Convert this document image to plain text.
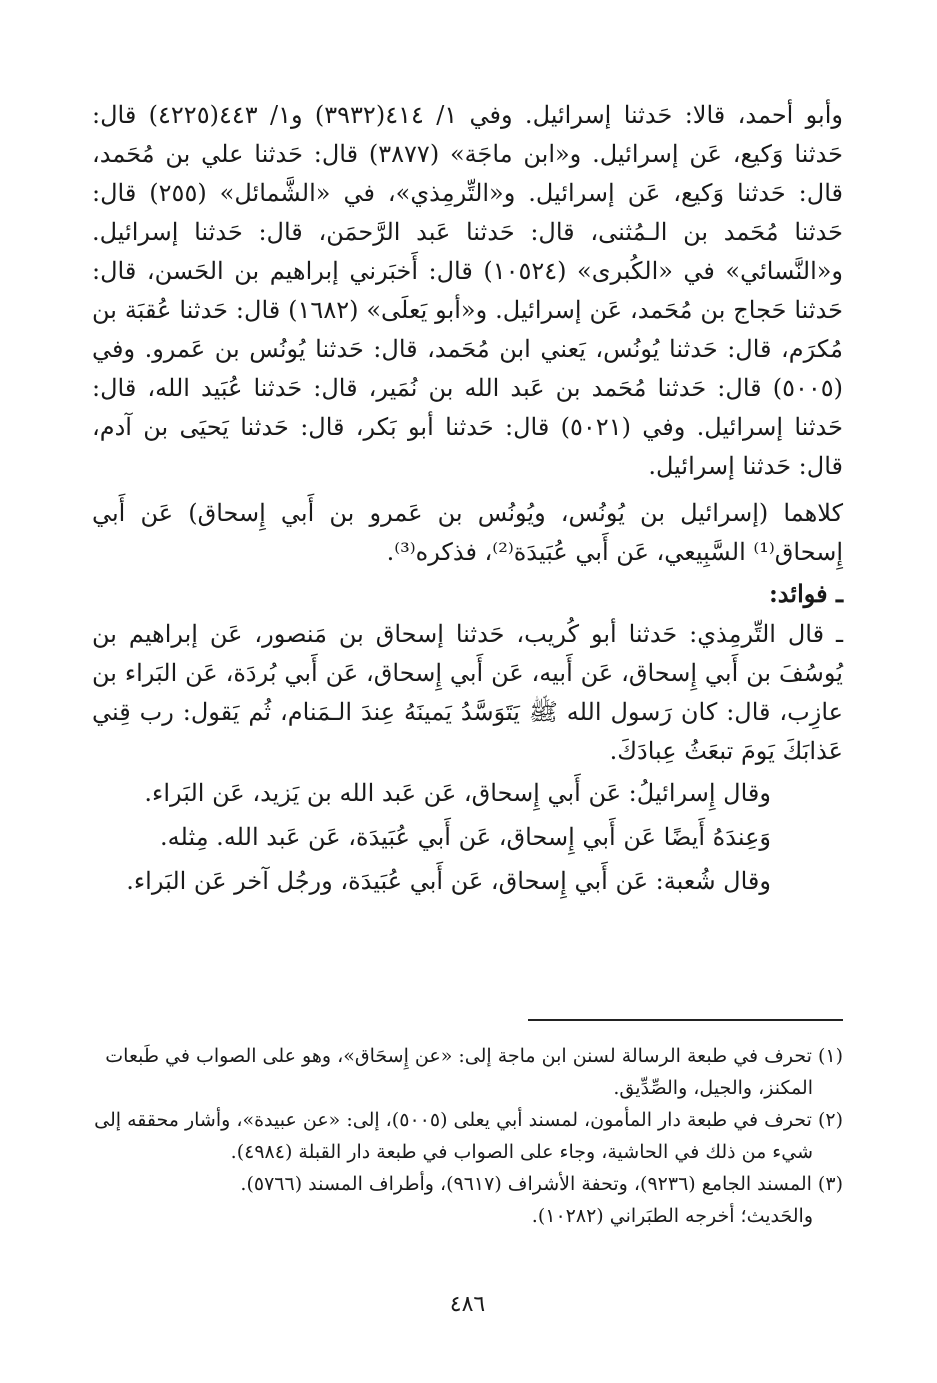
وأبو أحمد، قالا: حَدثنا إسرائيل. وفي ١/ ٤١٤(٣٩٣٢) و١/ ٤٤٣(٤٢٢٥) قال: حَدثنا وَكيع، عَن إسرائيل. و«ابن ماجَة» (٣٨٧٧) قال: حَدثنا علي بن مُحَمد، قال: حَدثنا وَكيع، عَن إسرائيل. و«التِّرمِذي»، في «الشَّمائل» (٢٥٥) قال: حَدثنا مُحَمد بن الـمُثنى، قال: حَدثنا عَبد الرَّحمَن، قال: حَدثنا إسرائيل. و«النَّسائي» في «الكُبرى» (١٠٥٢٤) قال: أَخبَرني إبراهيم بن الحَسن، قال: حَدثنا حَجاج بن مُحَمد، عَن إسرائيل. و«أبو يَعلَى» (١٦٨٢) قال: حَدثنا عُقبَة بن مُكرَم، قال: حَدثنا يُونُس، يَعني ابن مُحَمد، قال: حَدثنا يُونُس بن عَمرو. وفي (٥٠٠٥) قال: حَدثنا مُحَمد بن عَبد الله بن نُمَير، قال: حَدثنا عُبَيد الله، قال: حَدثنا إسرائيل. وفي (٥٠٢١) قال: حَدثنا أبو بَكر، قال: حَدثنا يَحيَى بن آدم، قال: حَدثنا إسرائيل.

كلاهما (إسرائيل بن يُونُس، ويُونُس بن عَمرو بن أَبي إِسحاق) عَن أَبي إِسحاق⁽¹⁾ السَّبِيعي، عَن أَبي عُبَيدَة⁽²⁾، فذكره⁽³⁾.

ـ فوائد:

ـ قال التِّرمِذي: حَدثنا أبو كُريب، حَدثنا إسحاق بن مَنصور، عَن إبراهيم بن يُوسُفَ بن أَبي إِسحاق، عَن أَبيه، عَن أَبي إِسحاق، عَن أَبي بُردَة، عَن البَراء بن عازِب، قال: كان رَسول الله ﷺ يَتَوَسَّدُ يَمينَهُ عِندَ الـمَنام، ثُم يَقول: رب قِني عَذابَكَ يَومَ تبعَثُ عِبادَكَ.

وقال إِسرائيلُ: عَن أَبي إِسحاق، عَن عَبد الله بن يَزيد، عَن البَراء.

وَعِندَهُ أَيضًا عَن أَبي إِسحاق، عَن أَبي عُبَيدَة، عَن عَبد الله. مِثله.

وقال شُعبة: عَن أَبي إِسحاق، عَن أَبي عُبَيدَة، ورجُل آخر عَن البَراء.

(١) تحرف في طبعة الرسالة لسنن ابن ماجة إلى: «عن إِسحَاق»، وهو على الصواب في طَبعات

المكنز، والجيل، والصِّدِّيق.

(٢) تحرف في طبعة دار المأمون، لمسند أبي يعلى (٥٠٠٥)، إلى: «عن عبيدة»، وأشار محققه إلى

شيء من ذلك في الحاشية، وجاء على الصواب في طبعة دار القبلة (٤٩٨٤).

(٣) المسند الجامع (٩٢٣٦)، وتحفة الأشراف (٩٦١٧)، وأطراف المسند (٥٧٦٦).

والحَديث؛ أخرجه الطبَراني (١٠٢٨٢).

٤٨٦
